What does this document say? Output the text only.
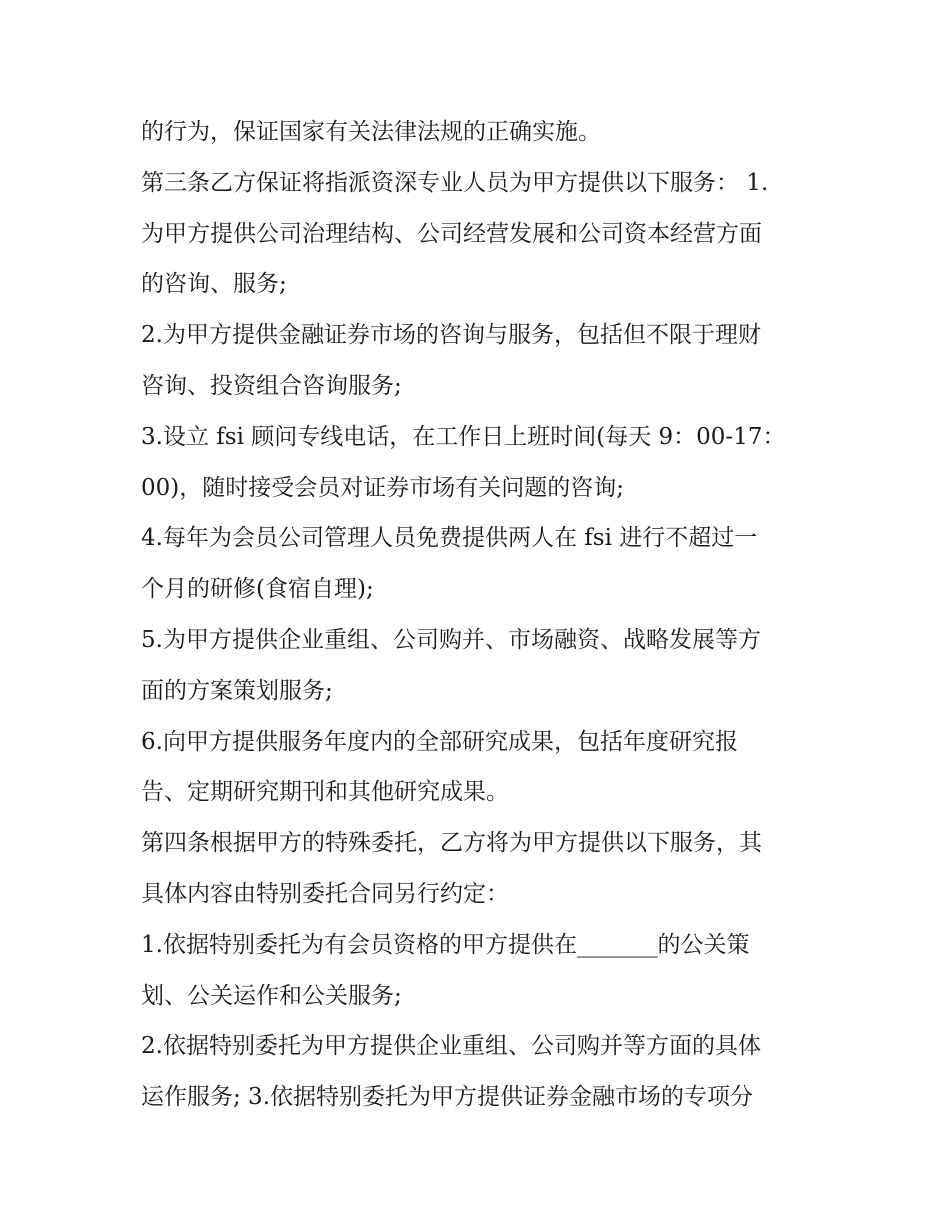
的行为，保证国家有关法律法规的正确实施。
第三条乙方保证将指派资深专业人员为甲方提供以下服务： 1.
为甲方提供公司治理结构、公司经营发展和公司资本经营方面
的咨询、服务;
2.为甲方提供金融证券市场的咨询与服务，包括但不限于理财
咨询、投资组合咨询服务;
3.设立 fsi 顾问专线电话，在工作日上班时间(每天 9：00-17：
00)，随时接受会员对证券市场有关问题的咨询;
4.每年为会员公司管理人员免费提供两人在 fsi 进行不超过一
个月的研修(食宿自理);
5.为甲方提供企业重组、公司购并、市场融资、战略发展等方
面的方案策划服务;
6.向甲方提供服务年度内的全部研究成果，包括年度研究报
告、定期研究期刊和其他研究成果。
第四条根据甲方的特殊委托，乙方将为甲方提供以下服务，其
具体内容由特别委托合同另行约定：
1.依据特别委托为有会员资格的甲方提供在_______的公关策
划、公关运作和公关服务;
2.依据特别委托为甲方提供企业重组、公司购并等方面的具体
运作服务; 3.依据特别委托为甲方提供证券金融市场的专项分
